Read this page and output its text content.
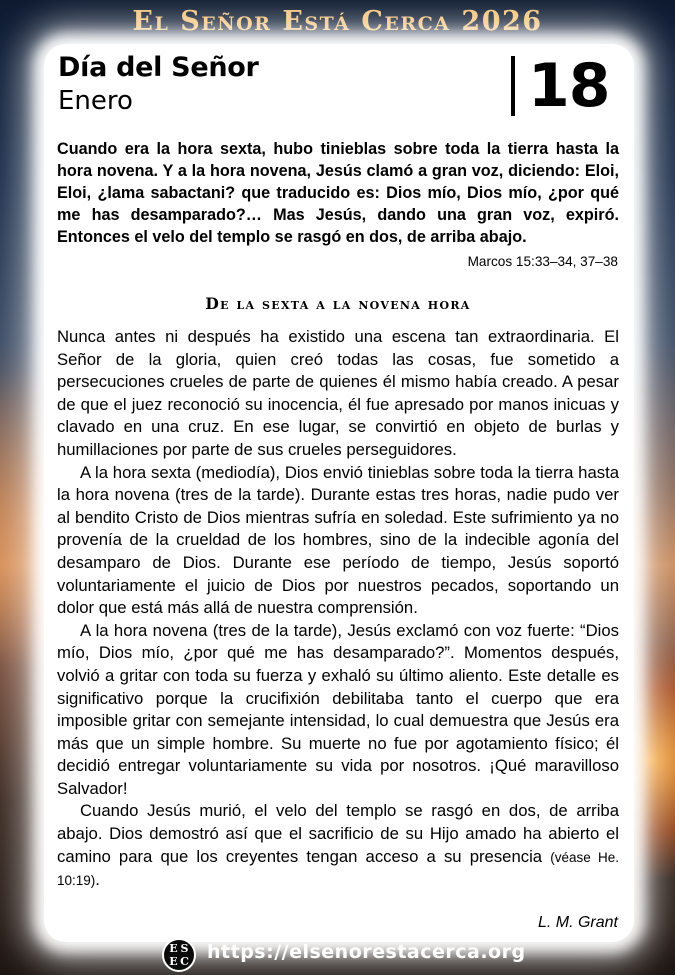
El Señor Está Cerca 2026
Día del Señor
Enero	18
Cuando era la hora sexta, hubo tinieblas sobre toda la tierra hasta la hora novena. Y a la hora novena, Jesús clamó a gran voz, diciendo: Eloi, Eloi, ¿lama sabactani? que traducido es: Dios mío, Dios mío, ¿por qué me has desamparado?… Mas Jesús, dando una gran voz, expiró. Entonces el velo del templo se rasgó en dos, de arriba abajo.
Marcos 15:33–34, 37–38
De la sexta a la novena hora

Nunca antes ni después ha existido una escena tan extraordinaria. El Señor de la gloria, quien creó todas las cosas, fue sometido a persecuciones crueles de parte de quienes él mismo había creado. A pesar de que el juez reconoció su inocencia, él fue apresado por manos inicuas y clavado en una cruz. En ese lugar, se convirtió en objeto de burlas y humillaciones por parte de sus crueles perseguidores.

A la hora sexta (mediodía), Dios envió tinieblas sobre toda la tierra hasta la hora novena (tres de la tarde). Durante estas tres horas, nadie pudo ver al bendito Cristo de Dios mientras sufría en soledad. Este sufrimiento ya no provenía de la crueldad de los hombres, sino de la indecible agonía del desamparo de Dios. Durante ese período de tiempo, Jesús soportó voluntariamente el juicio de Dios por nuestros pecados, soportando un dolor que está más allá de nuestra comprensión.

A la hora novena (tres de la tarde), Jesús exclamó con voz fuerte: “Dios mío, Dios mío, ¿por qué me has desamparado?”. Momentos después, volvió a gritar con toda su fuerza y exhaló su último aliento. Este detalle es significativo porque la crucifixión debilitaba tanto el cuerpo que era imposible gritar con semejante intensidad, lo cual demuestra que Jesús era más que un simple hombre. Su muerte no fue por agotamiento físico; él decidió entregar voluntariamente su vida por nosotros. ¡Qué maravilloso Salvador!

Cuando Jesús murió, el velo del templo se rasgó en dos, de arriba abajo. Dios demostró así que el sacrificio de su Hijo amado ha abierto el camino para que los creyentes tengan acceso a su presencia (véase He. 10:19).

L. M. Grant
E S
E C https://elsenorestacerca.org
